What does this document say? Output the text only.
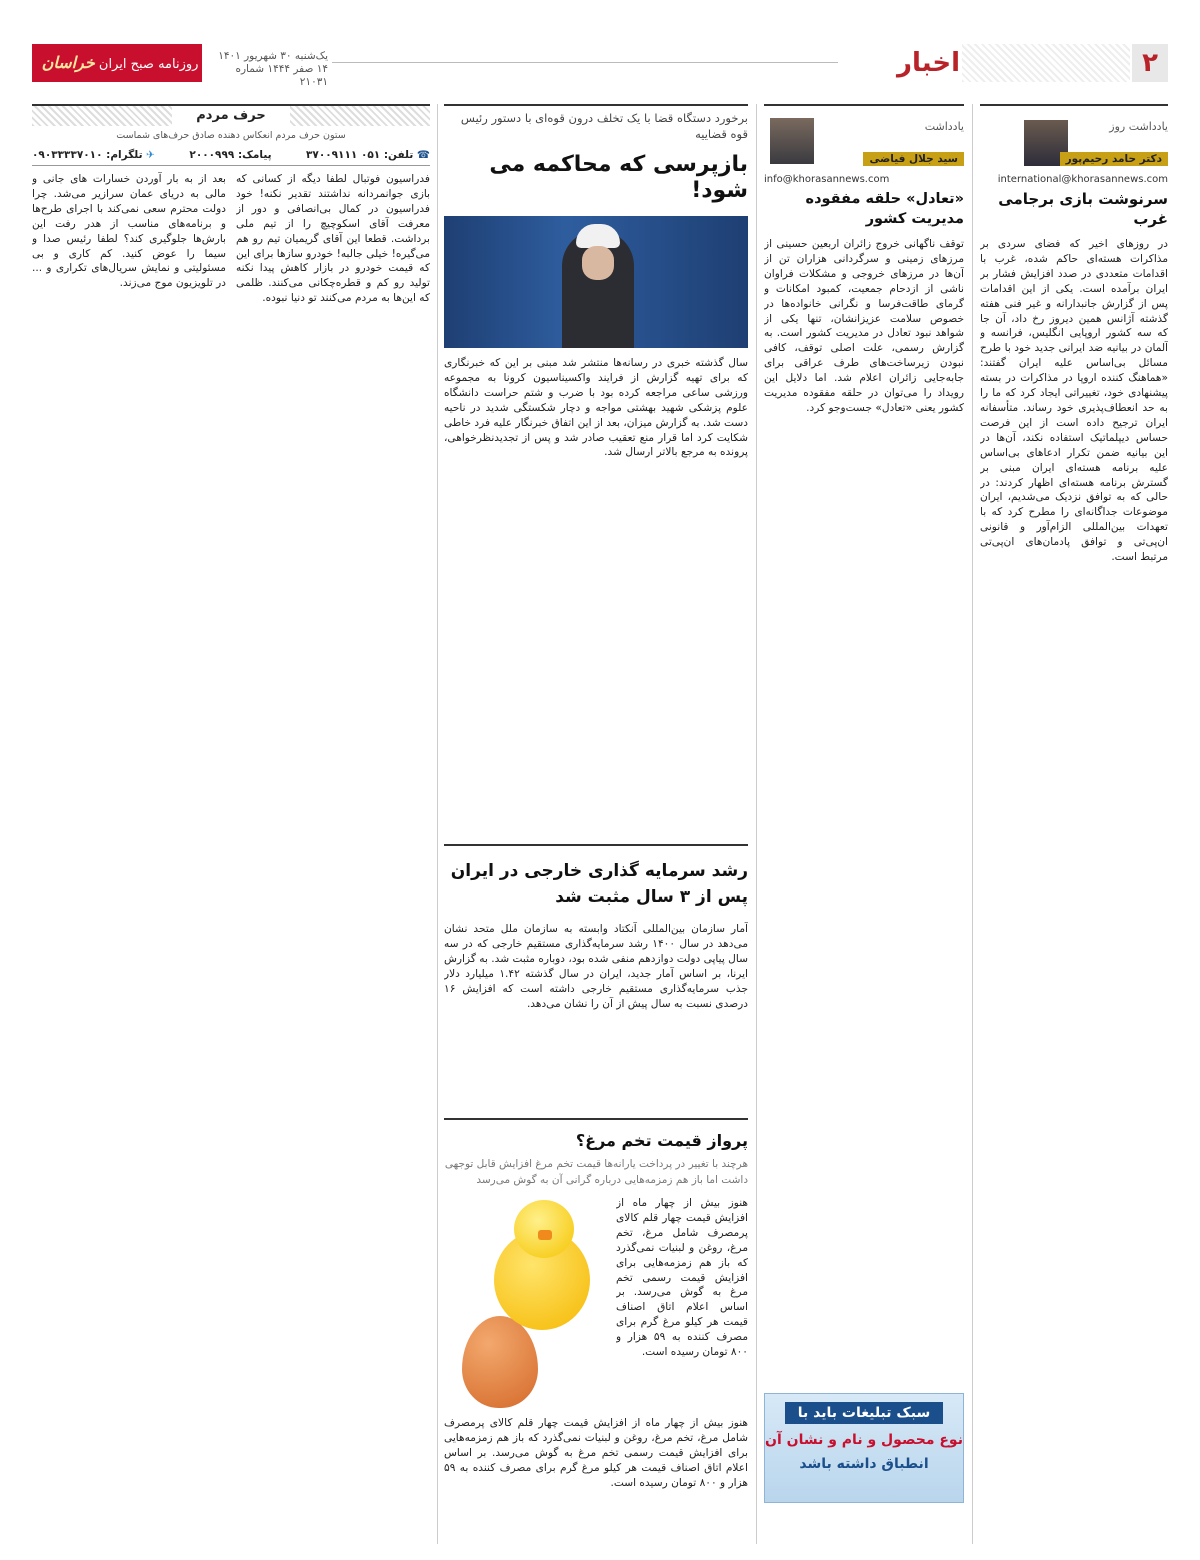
۲
اخبار
یک‌شنبه ۳۰ شهریور ۱۴۰۱
۱۴ صفر ۱۴۴۴ شماره ۲۱۰۳۱
روزنامه صبح ایران خراسان
یادداشت روز
دکتر حامد رحیم‌پور
international@khorasannews.com
سرنوشت بازی برجامی غرب

در روزهای اخیر که فضای سردی بر مذاکرات هسته‌ای حاکم شده، غرب با اقدامات متعددی در صدد افزایش فشار بر ایران برآمده است. یکی از این اقدامات پس از گزارش جانبدارانه و غیر فنی هفته گذشته آژانس همین دیروز رخ داد، آن جا که سه کشور اروپایی انگلیس، فرانسه و آلمان در بیانیه ضد ایرانی جدید خود با طرح مسائل بی‌اساس علیه ایران گفتند: «هماهنگ کننده اروپا در مذاکرات در بسته پیشنهادی خود، تغییراتی ایجاد کرد که ما را به حد انعطاف‌پذیری خود رساند. متأسفانه ایران ترجیح داده است از این فرصت حساس دیپلماتیک استفاده نکند، آن‌ها در این بیانیه ضمن تکرار ادعاهای بی‌اساس علیه برنامه هسته‌ای ایران مبنی بر گسترش برنامه هسته‌ای اظهار کردند: در حالی که به توافق نزدیک می‌شدیم، ایران موضوعات جداگانه‌ای را مطرح کرد که با تعهدات بین‌المللی الزام‌آور و قانونی ان‌پی‌تی و توافق پادمان‌های ان‌پی‌تی مرتبط است.

یادداشت
سید جلال فیاضی
info@khorasannews.com
«تعادل» حلقه مفقوده مدیریت کشور

توقف ناگهانی خروج زائران اربعین حسینی از مرزهای زمینی و سرگردانی هزاران تن از آن‌ها در مرزهای خروجی و مشکلات فراوان ناشی از ازدحام جمعیت، کمبود امکانات و گرمای طاقت‌فرسا و نگرانی خانواده‌ها در خصوص سلامت عزیزانشان، تنها یکی از شواهد نبود تعادل در مدیریت کشور است. به گزارش رسمی، علت اصلی توقف، کافی نبودن زیرساخت‌های طرف عراقی برای جابه‌جایی زائران اعلام شد. اما دلایل این رویداد را می‌توان در حلقه مفقوده مدیریت کشور یعنی «تعادل» جست‌وجو کرد.

سبک تبلیغات باید با
نوع محصول و نام و نشان آن
انطباق داشته باشد
برخورد دستگاه قضا با یک تخلف درون قوه‌ای با دستور رئیس قوه قضاییه
بازپرسی که محاکمه می شود!

سال گذشته خبری در رسانه‌ها منتشر شد مبنی بر این که خبرنگاری که برای تهیه گزارش از فرایند واکسیناسیون کرونا به مجموعه ورزشی ساعی مراجعه کرده بود با ضرب و شتم حراست دانشگاه علوم پزشکی شهید بهشتی مواجه و دچار شکستگی شدید در ناحیه دست شد. به گزارش میزان، بعد از این اتفاق خبرنگار علیه فرد خاطی شکایت کرد اما قرار منع تعقیب صادر شد و پس از تجدیدنظرخواهی، پرونده به مرجع بالاتر ارسال شد.

رشد سرمایه گذاری خارجی در ایران پس از ۳ سال مثبت شد

آمار سازمان بین‌المللی آنکتاد وابسته به سازمان ملل متحد نشان می‌دهد در سال ۱۴۰۰ رشد سرمایه‌گذاری مستقیم خارجی که در سه سال پیاپی دولت دوازدهم منفی شده بود، دوباره مثبت شد. به گزارش ایرنا، بر اساس آمار جدید، ایران در سال گذشته ۱.۴۲ میلیارد دلار جذب سرمایه‌گذاری مستقیم خارجی داشته است که افزایش ۱۶ درصدی نسبت به سال پیش از آن را نشان می‌دهد.

پرواز قیمت تخم مرغ؟
هرچند با تغییر در پرداخت یارانه‌ها قیمت تخم مرغ افزایش قابل توجهی داشت اما باز هم زمزمه‌هایی درباره گرانی آن به گوش می‌رسد

هنوز بیش از چهار ماه از افزایش قیمت چهار قلم کالای پرمصرف شامل مرغ، تخم مرغ، روغن و لبنیات نمی‌گذرد که باز هم زمزمه‌هایی برای افزایش قیمت رسمی تخم مرغ به گوش می‌رسد. بر اساس اعلام اتاق اصناف قیمت هر کیلو مرغ گرم برای مصرف کننده به ۵۹ هزار و ۸۰۰ تومان رسیده است.

هنوز بیش از چهار ماه از افزایش قیمت چهار قلم کالای پرمصرف شامل مرغ، تخم مرغ، روغن و لبنیات نمی‌گذرد که باز هم زمزمه‌هایی برای افزایش قیمت رسمی تخم مرغ به گوش می‌رسد. بر اساس اعلام اتاق اصناف قیمت هر کیلو مرغ گرم برای مصرف کننده به ۵۹ هزار و ۸۰۰ تومان رسیده است.

حرف مردم
ستون حرف مردم انعکاس دهنده صادق حرف‌های شماست
☎ تلفن: ۰۵۱ ۳۷۰۰۹۱۱۱
پیامک: ۲۰۰۰۹۹۹
✈ تلگرام: ۰۹۰۳۳۳۳۷۰۱۰

فدراسیون فوتبال لطفا دیگه از کسانی که بازی جوانمردانه نداشتند تقدیر نکنه! خود فدراسیون در کمال بی‌انصافی و دور از معرفت آقای اسکوچیچ را از تیم ملی برداشت. قطعا این آقای گریمیان تیم رو هم می‌گیره! خیلی جالبه! خودرو سازها برای این که قیمت خودرو در بازار کاهش پیدا نکنه تولید رو کم و قطره‌چکانی می‌کنند. ظلمی که این‌ها به مردم می‌کنند تو دنیا نبوده.

بعد از به بار آوردن خسارات های جانی و مالی به دریای عمان سرازیر می‌شد. چرا دولت محترم سعی نمی‌کند با اجرای طرح‌ها و برنامه‌های مناسب از هدر رفت این بارش‌ها جلوگیری کند؟ لطفا رئیس صدا و سیما را عوض کنید. کم کاری و بی مسئولیتی و نمایش سریال‌های تکراری و ... در تلویزیون موج می‌زند.
